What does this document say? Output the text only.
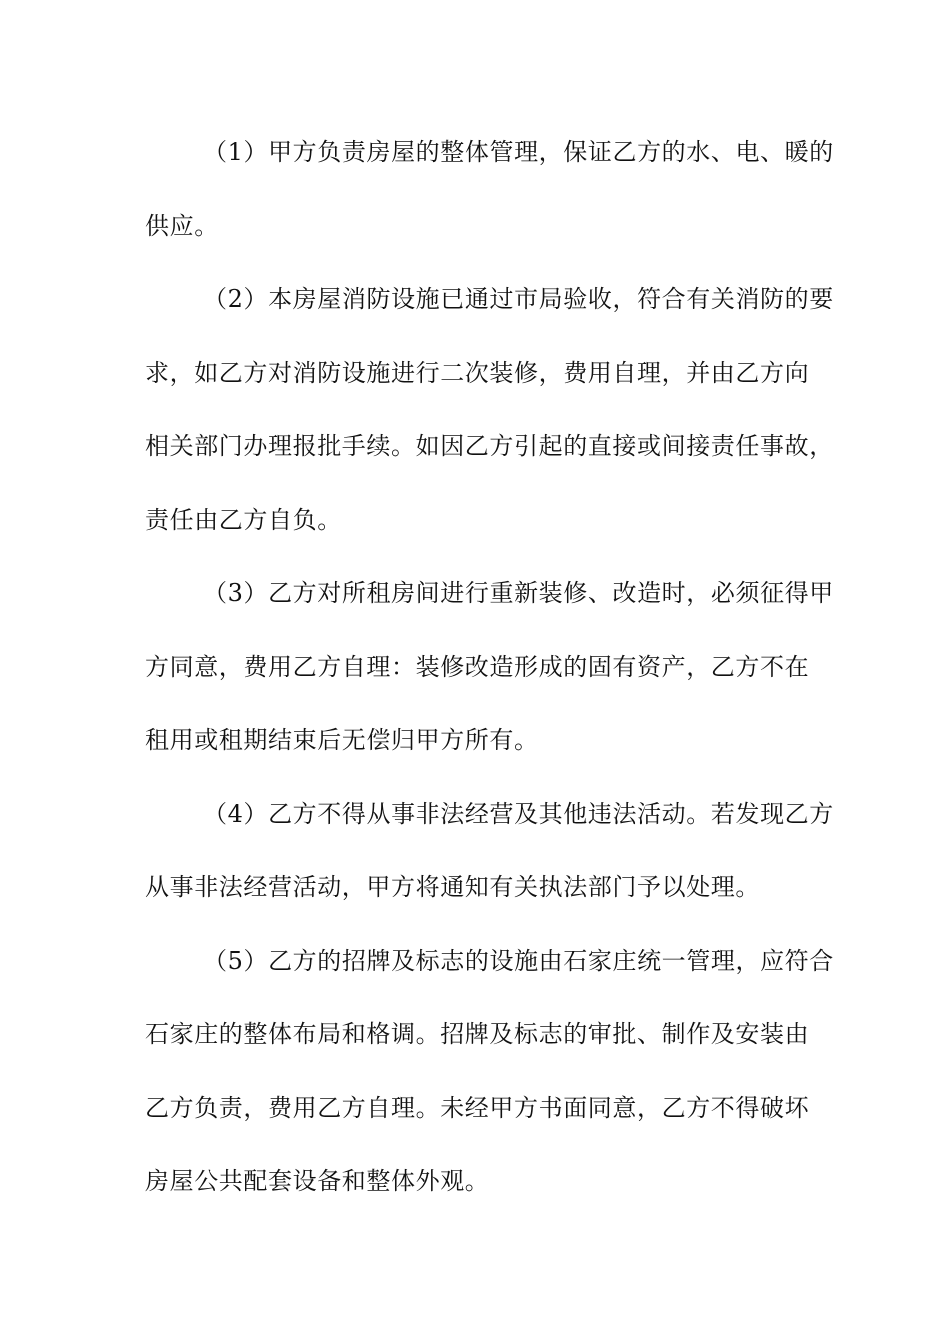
（1）甲方负责房屋的整体管理，保证乙方的水、电、暖的
供应。
（2）本房屋消防设施已通过市局验收，符合有关消防的要
求，如乙方对消防设施进行二次装修，费用自理，并由乙方向
相关部门办理报批手续。如因乙方引起的直接或间接责任事故，
责任由乙方自负。
（3）乙方对所租房间进行重新装修、改造时，必须征得甲
方同意，费用乙方自理：装修改造形成的固有资产，乙方不在
租用或租期结束后无偿归甲方所有。
（4）乙方不得从事非法经营及其他违法活动。若发现乙方
从事非法经营活动，甲方将通知有关执法部门予以处理。
（5）乙方的招牌及标志的设施由石家庄统一管理，应符合
石家庄的整体布局和格调。招牌及标志的审批、制作及安装由
乙方负责，费用乙方自理。未经甲方书面同意，乙方不得破坏
房屋公共配套设备和整体外观。
